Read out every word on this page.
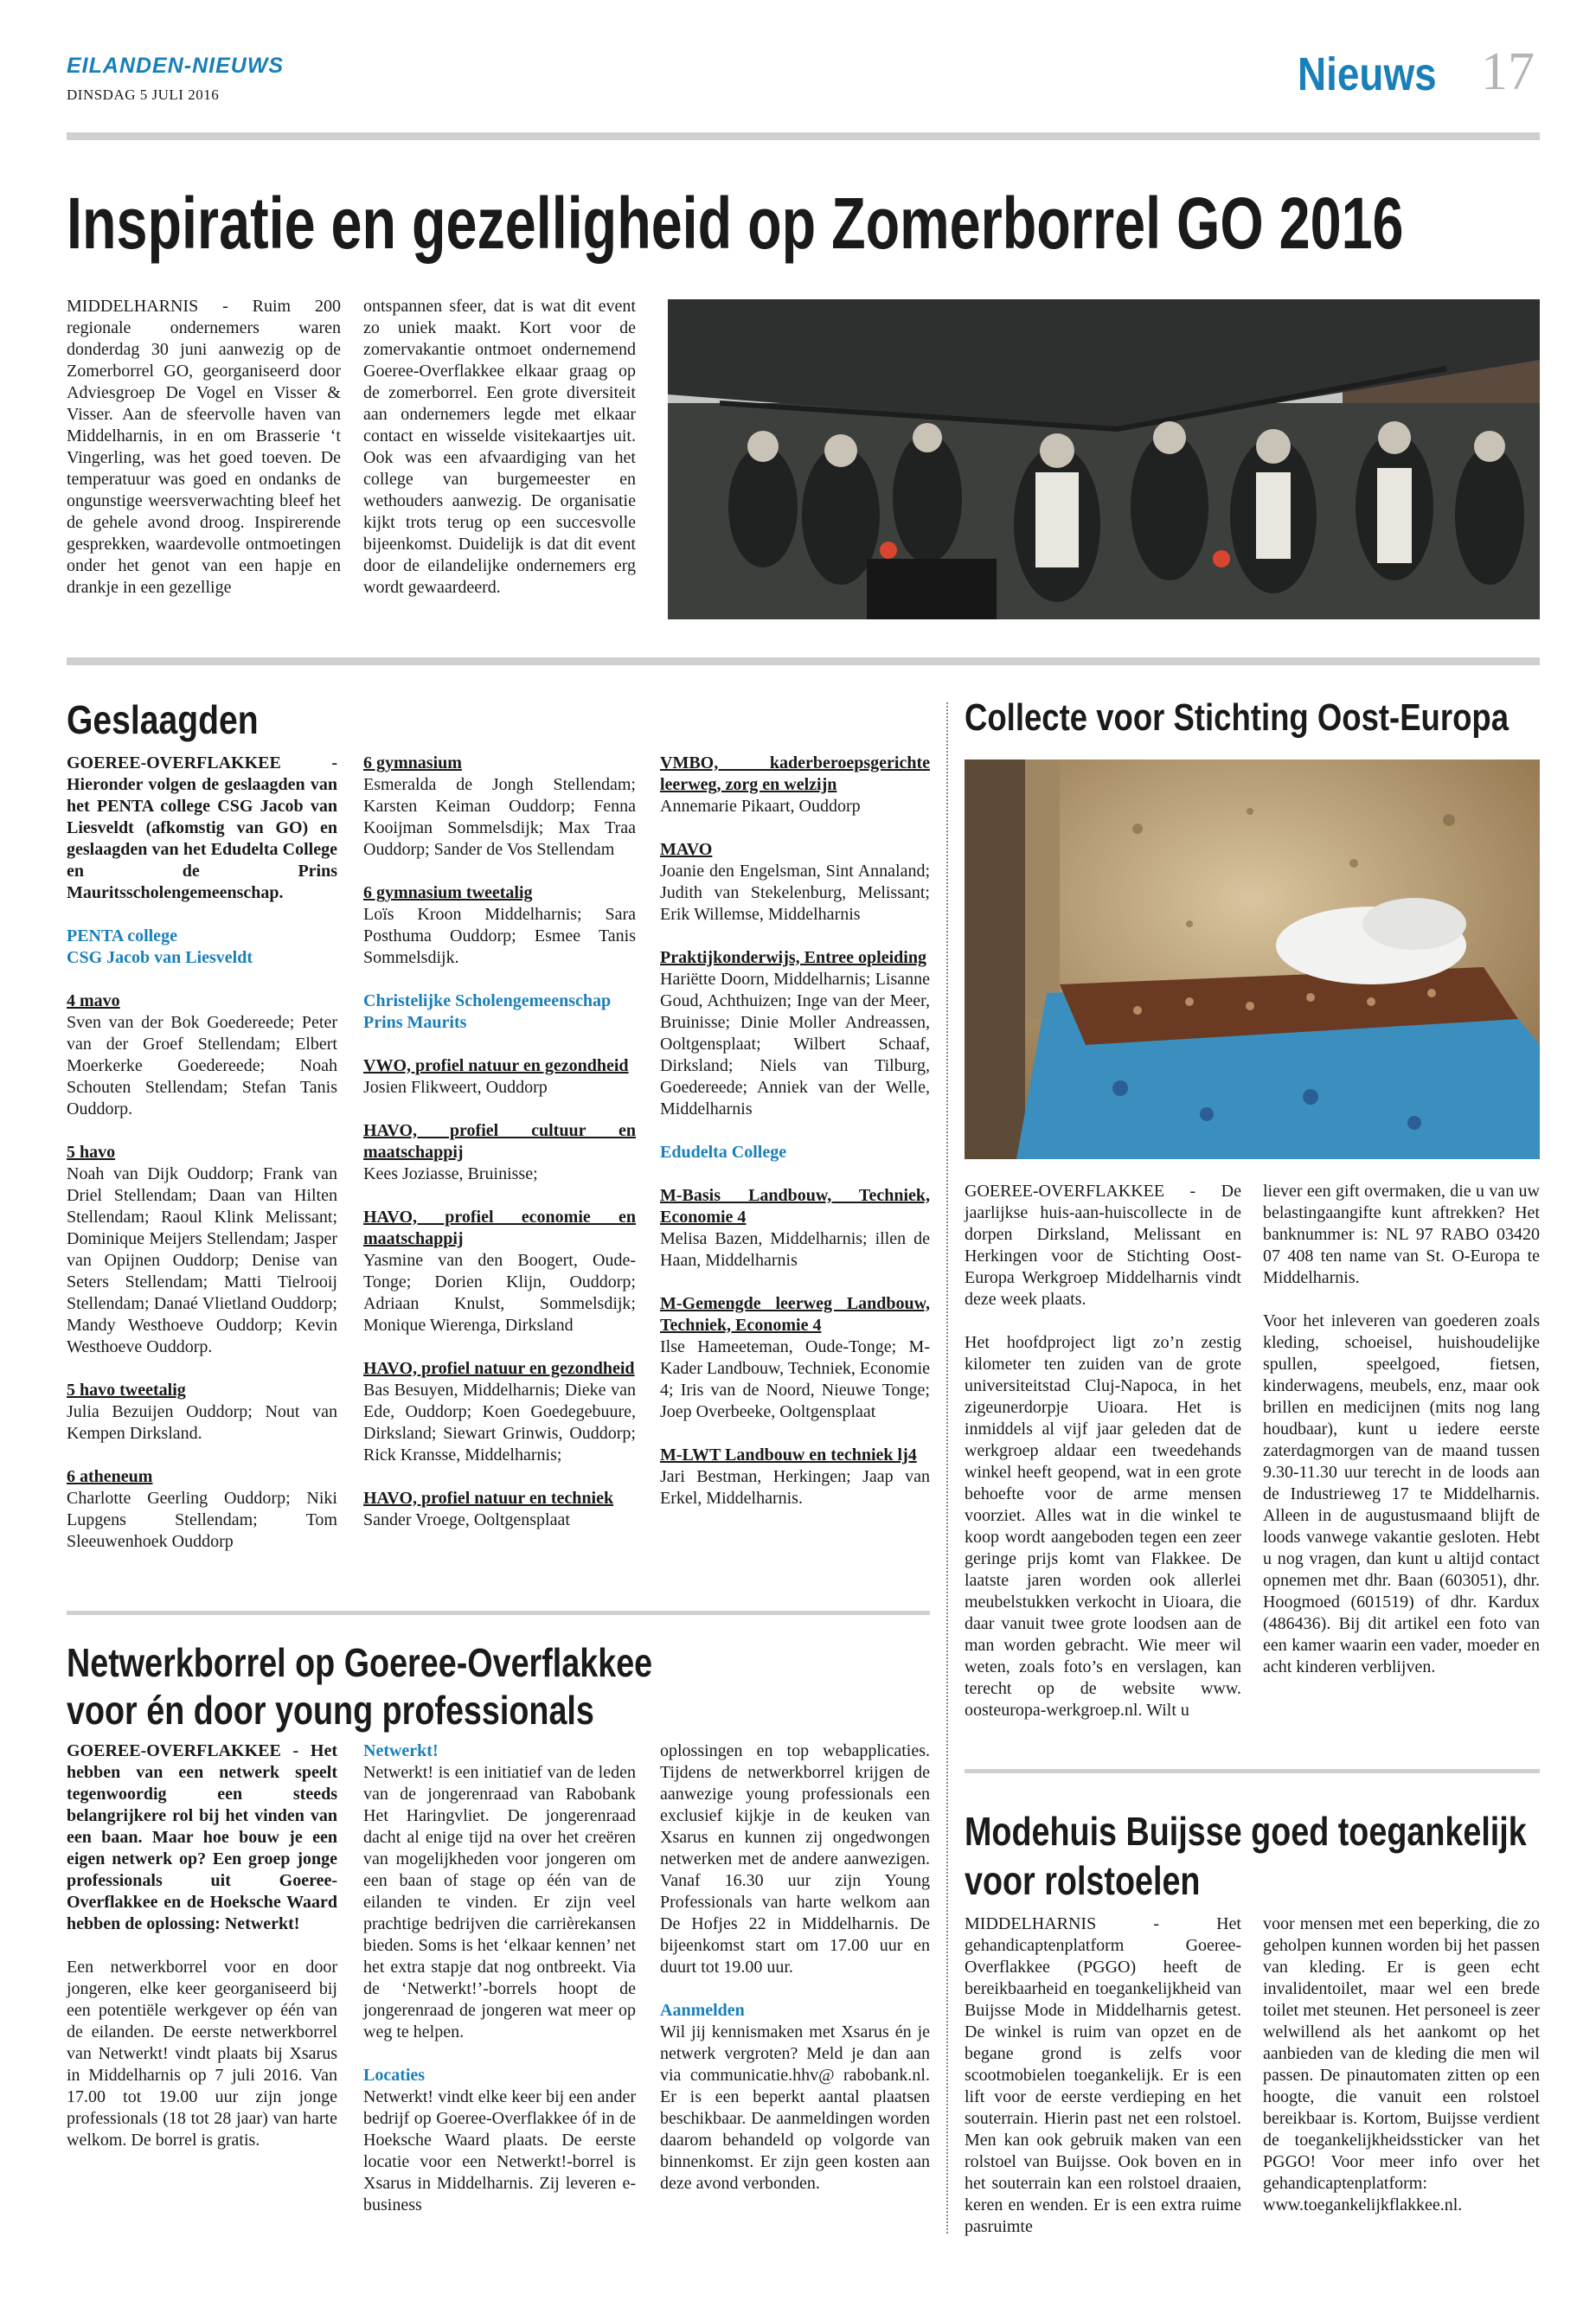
EILANDEN-NIEUWS
DINSDAG 5 JULI 2016	Nieuws 17
Inspiratie en gezelligheid op Zomerborrel GO 2016

MIDDELHARNIS - Ruim 200 regionale ondernemers waren donderdag 30 juni aanwezig op de Zomerborrel GO, georganiseerd door Adviesgroep De Vogel en Visser & Visser. Aan de sfeervolle haven van Middelharnis, in en om Brasserie ‘t Vingerling, was het goed toeven. De temperatuur was goed en ondanks de ongunstige weersverwachting bleef het de gehele avond droog. Inspirerende gesprekken, waardevolle ontmoetingen onder het genot van een hapje en drankje in een gezellige

ontspannen sfeer, dat is wat dit event zo uniek maakt. Kort voor de zomervakantie ontmoet ondernemend Goeree-Overflakkee elkaar graag op de zomerborrel. Een grote diversiteit aan ondernemers legde met elkaar contact en wisselde visitekaartjes uit. Ook was een afvaardiging van het college van burgemeester en wethouders aanwezig. De organisatie kijkt trots terug op een succesvolle bijeenkomst. Duidelijk is dat dit event door de eilandelijke ondernemers erg wordt gewaardeerd.

Geslaagden

GOEREE-OVERFLAKKEE - Hieronder volgen de geslaagden van het PENTA college CSG Jacob van Liesveldt (afkomstig van GO) en geslaagden van het Edudelta College en de Prins Mauritsscholengemeenschap.

PENTA college
CSG Jacob van Liesveldt
4 mavo

Sven van der Bok Goedereede; Peter van der Groef Stellendam; Elbert Moerkerke Goedereede; Noah Schouten Stellendam; Stefan Tanis Ouddorp.

5 havo

Noah van Dijk Ouddorp; Frank van Driel Stellendam; Daan van Hilten Stellendam; Raoul Klink Melissant; Dominique Meijers Stellendam; Jasper van Opijnen Ouddorp; Denise van Seters Stellendam; Matti Tielrooij Stellendam; Danaé Vlietland Ouddorp; Mandy Westhoeve Ouddorp; Kevin Westhoeve Ouddorp.

5 havo tweetalig

Julia Bezuijen Ouddorp; Nout van Kempen Dirksland.

6 atheneum

Charlotte Geerling Ouddorp; Niki Lupgens Stellendam; Tom Sleeuwenhoek Ouddorp

6 gymnasium

Esmeralda de Jongh Stellendam; Karsten Keiman Ouddorp; Fenna Kooijman Sommelsdijk; Max Traa Ouddorp; Sander de Vos Stellendam

6 gymnasium tweetalig

Loïs Kroon Middelharnis; Sara Posthuma Ouddorp; Esmee Tanis Sommelsdijk.

Christelijke Scholengemeenschap
Prins Maurits
VWO, profiel natuur en gezondheid

Josien Flikweert, Ouddorp

HAVO, profiel cultuur en maatschappij

Kees Joziasse, Bruinisse;

HAVO, profiel economie en maatschappij

Yasmine van den Boogert, Oude-Tonge; Dorien Klijn, Ouddorp; Adriaan Knulst, Sommelsdijk; Monique Wierenga, Dirksland

HAVO, profiel natuur en gezondheid

Bas Besuyen, Middelharnis; Dieke van Ede, Ouddorp; Koen Goedegebuure, Dirksland; Siewart Grinwis, Ouddorp; Rick Kransse, Middelharnis;

HAVO, profiel natuur en techniek

Sander Vroege, Ooltgensplaat

VMBO, kaderberoepsgerichte leerweg, zorg en welzijn

Annemarie Pikaart, Ouddorp

MAVO

Joanie den Engelsman, Sint Annaland; Judith van Stekelenburg, Melissant; Erik Willemse, Middelharnis

Praktijkonderwijs, Entree opleiding

Hariëtte Doorn, Middelharnis; Lisanne Goud, Achthuizen; Inge van der Meer, Bruinisse; Dinie Moller Andreassen, Ooltgensplaat; Wilbert Schaaf, Dirksland; Niels van Tilburg, Goedereede; Anniek van der Welle, Middelharnis

Edudelta College
M-Basis Landbouw, Techniek, Economie 4

Melisa Bazen, Middelharnis; illen de Haan, Middelharnis

M-Gemengde leerweg Landbouw, Techniek, Economie 4

Ilse Hameeteman, Oude-Tonge; M-Kader Landbouw, Techniek, Economie 4; Iris van de Noord, Nieuwe Tonge; Joep Overbeeke, Ooltgensplaat

M-LWT Landbouw en techniek lj4

Jari Bestman, Herkingen; Jaap van Erkel, Middelharnis.

Collecte voor Stichting Oost-Europa

GOEREE-OVERFLAKKEE - De jaarlijkse huis-aan-huiscollecte in de dorpen Dirksland, Melissant en Herkingen voor de Stichting Oost-Europa Werkgroep Middelharnis vindt deze week plaats.

Het hoofdproject ligt zo’n zestig kilometer ten zuiden van de grote universiteitstad Cluj-Napoca, in het zigeunerdorpje Uioara. Het is inmiddels al vijf jaar geleden dat de werkgroep aldaar een tweedehands winkel heeft geopend, wat in een grote behoefte voor de arme mensen voorziet. Alles wat in die winkel te koop wordt aangeboden tegen een zeer geringe prijs komt van Flakkee. De laatste jaren worden ook allerlei meubelstukken verkocht in Uioara, die daar vanuit twee grote loodsen aan de man worden gebracht. Wie meer wil weten, zoals foto’s en verslagen, kan terecht op de website www. oosteuropa-werkgroep.nl. Wilt u

liever een gift overmaken, die u van uw belastingaangifte kunt aftrekken? Het banknummer is: NL 97 RABO 03420 07 408 ten name van St. O-Europa te Middelharnis.

Voor het inleveren van goederen zoals kleding, schoeisel, huishoudelijke spullen, speelgoed, fietsen, kinderwagens, meubels, enz, maar ook brillen en medicijnen (mits nog lang houdbaar), kunt u iedere eerste zaterdagmorgen van de maand tussen 9.30-11.30 uur terecht in de loods aan de Industrieweg 17 te Middelharnis. Alleen in de augustusmaand blijft de loods vanwege vakantie gesloten. Hebt u nog vragen, dan kunt u altijd contact opnemen met dhr. Baan (603051), dhr. Hoogmoed (601519) of dhr. Kardux (486436). Bij dit artikel een foto van een kamer waarin een vader, moeder en acht kinderen verblijven.

Netwerkborrel op Goeree-Overflakkee
voor én door young professionals

GOEREE-OVERFLAKKEE - Het hebben van een netwerk speelt tegenwoordig een steeds belangrijkere rol bij het vinden van een baan. Maar hoe bouw je een eigen netwerk op? Een groep jonge professionals uit Goeree-Overflakkee en de Hoeksche Waard hebben de oplossing: Netwerkt!

Een netwerkborrel voor en door jongeren, elke keer georganiseerd bij een potentiële werkgever op één van de eilanden. De eerste netwerkborrel van Netwerkt! vindt plaats bij Xsarus in Middelharnis op 7 juli 2016. Van 17.00 tot 19.00 uur zijn jonge professionals (18 tot 28 jaar) van harte welkom. De borrel is gratis.

Netwerkt!

Netwerkt! is een initiatief van de leden van de jongerenraad van Rabobank Het Haringvliet. De jongerenraad dacht al enige tijd na over het creëren van mogelijkheden voor jongeren om een baan of stage op één van de eilanden te vinden. Er zijn veel prachtige bedrijven die carrièrekansen bieden. Soms is het ‘elkaar kennen’ net het extra stapje dat nog ontbreekt. Via de ‘Netwerkt!’-borrels hoopt de jongerenraad de jongeren wat meer op weg te helpen.

Locaties

Netwerkt! vindt elke keer bij een ander bedrijf op Goeree-Overflakkee óf in de Hoeksche Waard plaats. De eerste locatie voor een Netwerkt!-borrel is Xsarus in Middelharnis. Zij leveren e-business

oplossingen en top webapplicaties. Tijdens de netwerkborrel krijgen de aanwezige young professionals een exclusief kijkje in de keuken van Xsarus en kunnen zij ongedwongen netwerken met de andere aanwezigen. Vanaf 16.30 uur zijn Young Professionals van harte welkom aan De Hofjes 22 in Middelharnis. De bijeenkomst start om 17.00 uur en duurt tot 19.00 uur.

Aanmelden

Wil jij kennismaken met Xsarus én je netwerk vergroten? Meld je dan aan via communicatie.hhv@ rabobank.nl. Er is een beperkt aantal plaatsen beschikbaar. De aanmeldingen worden daarom behandeld op volgorde van binnenkomst. Er zijn geen kosten aan deze avond verbonden.

Modehuis Buijsse goed toegankelijk
voor rolstoelen

MIDDELHARNIS - Het gehandicaptenplatform Goeree-Overflakkee (PGGO) heeft de bereikbaarheid en toegankelijkheid van Buijsse Mode in Middelharnis getest. De winkel is ruim van opzet en de begane grond is zelfs voor scootmobielen toegankelijk. Er is een lift voor de eerste verdieping en het souterrain. Hierin past net een rolstoel. Men kan ook gebruik maken van een rolstoel van Buijsse. Ook boven en in het souterrain kan een rolstoel draaien, keren en wenden. Er is een extra ruime pasruimte

voor mensen met een beperking, die zo geholpen kunnen worden bij het passen van kleding. Er is geen echt invalidentoilet, maar wel een brede toilet met steunen. Het personeel is zeer welwillend als het aankomt op het aanbieden van de kleding die men wil passen. De pinautomaten zitten op een hoogte, die vanuit een rolstoel bereikbaar is. Kortom, Buijsse verdient de toegankelijkheidssticker van het PGGO! Voor meer info over het gehandicaptenplatform: www.toegankelijkflakkee.nl.
